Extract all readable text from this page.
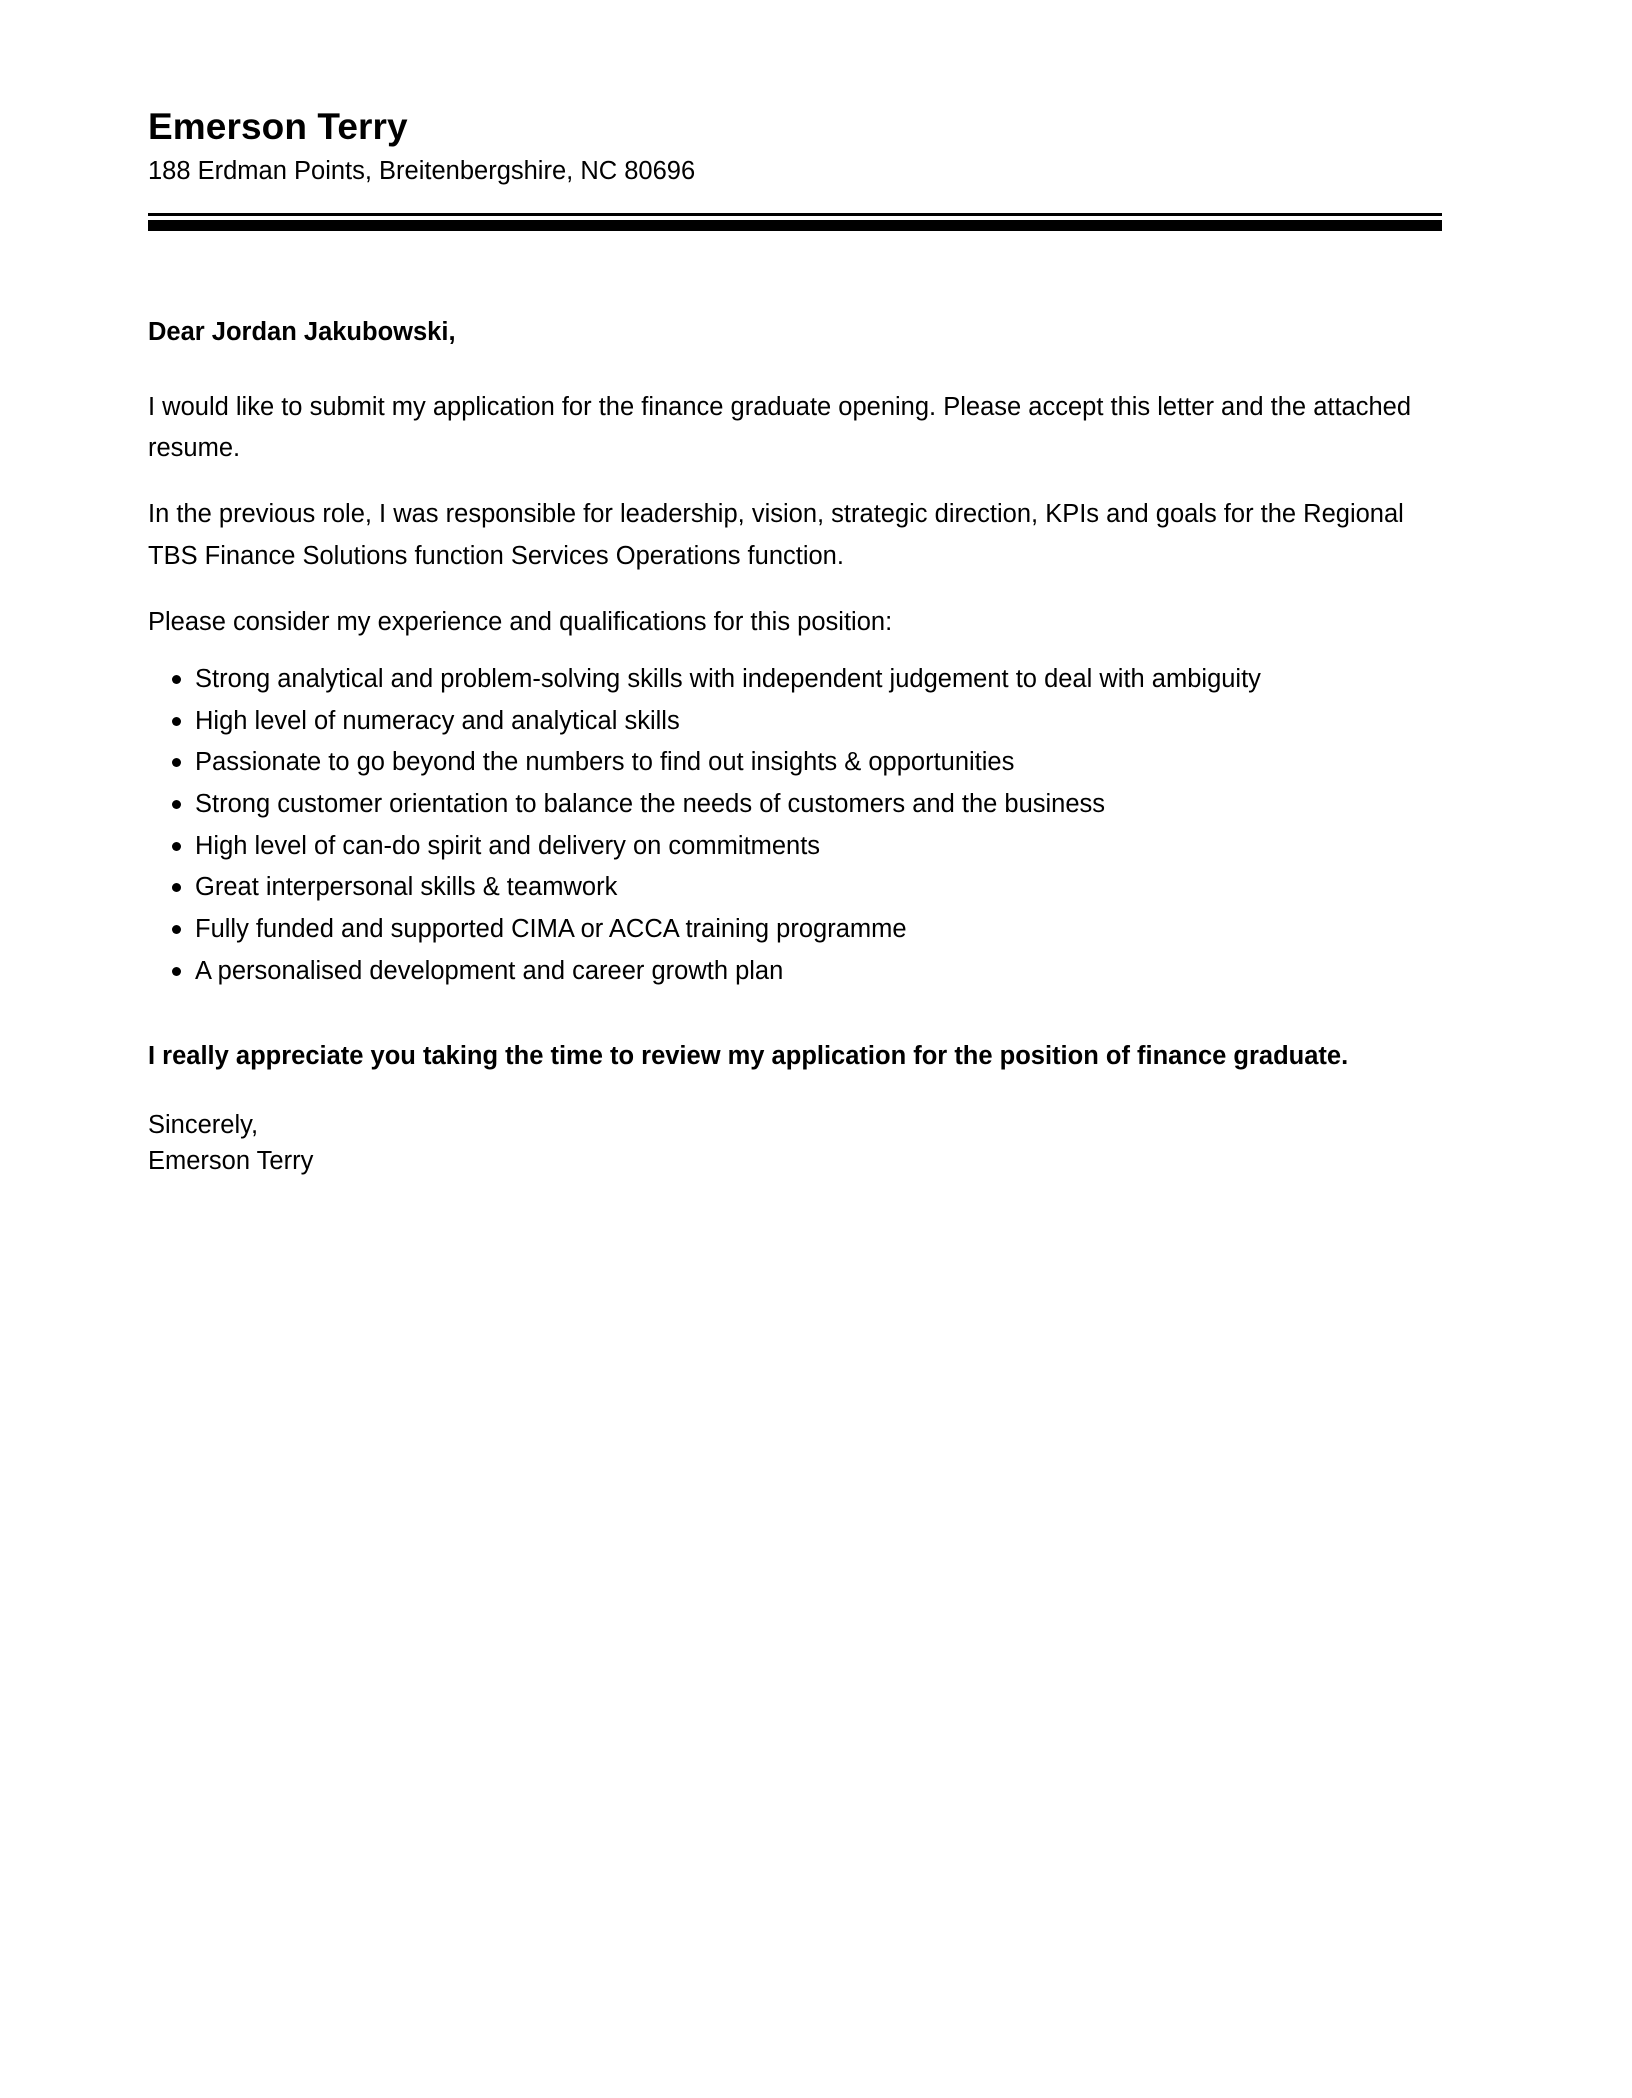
Emerson Terry

188 Erdman Points, Breitenbergshire, NC 80696

Dear Jordan Jakubowski,

I would like to submit my application for the finance graduate opening. Please accept this letter and the attached resume.

In the previous role, I was responsible for leadership, vision, strategic direction, KPIs and goals for the Regional TBS Finance Solutions function Services Operations function.

Please consider my experience and qualifications for this position:

Strong analytical and problem-solving skills with independent judgement to deal with ambiguity
High level of numeracy and analytical skills
Passionate to go beyond the numbers to find out insights & opportunities
Strong customer orientation to balance the needs of customers and the business
High level of can-do spirit and delivery on commitments
Great interpersonal skills & teamwork
Fully funded and supported CIMA or ACCA training programme
A personalised development and career growth plan

I really appreciate you taking the time to review my application for the position of finance graduate.

Sincerely,
Emerson Terry
